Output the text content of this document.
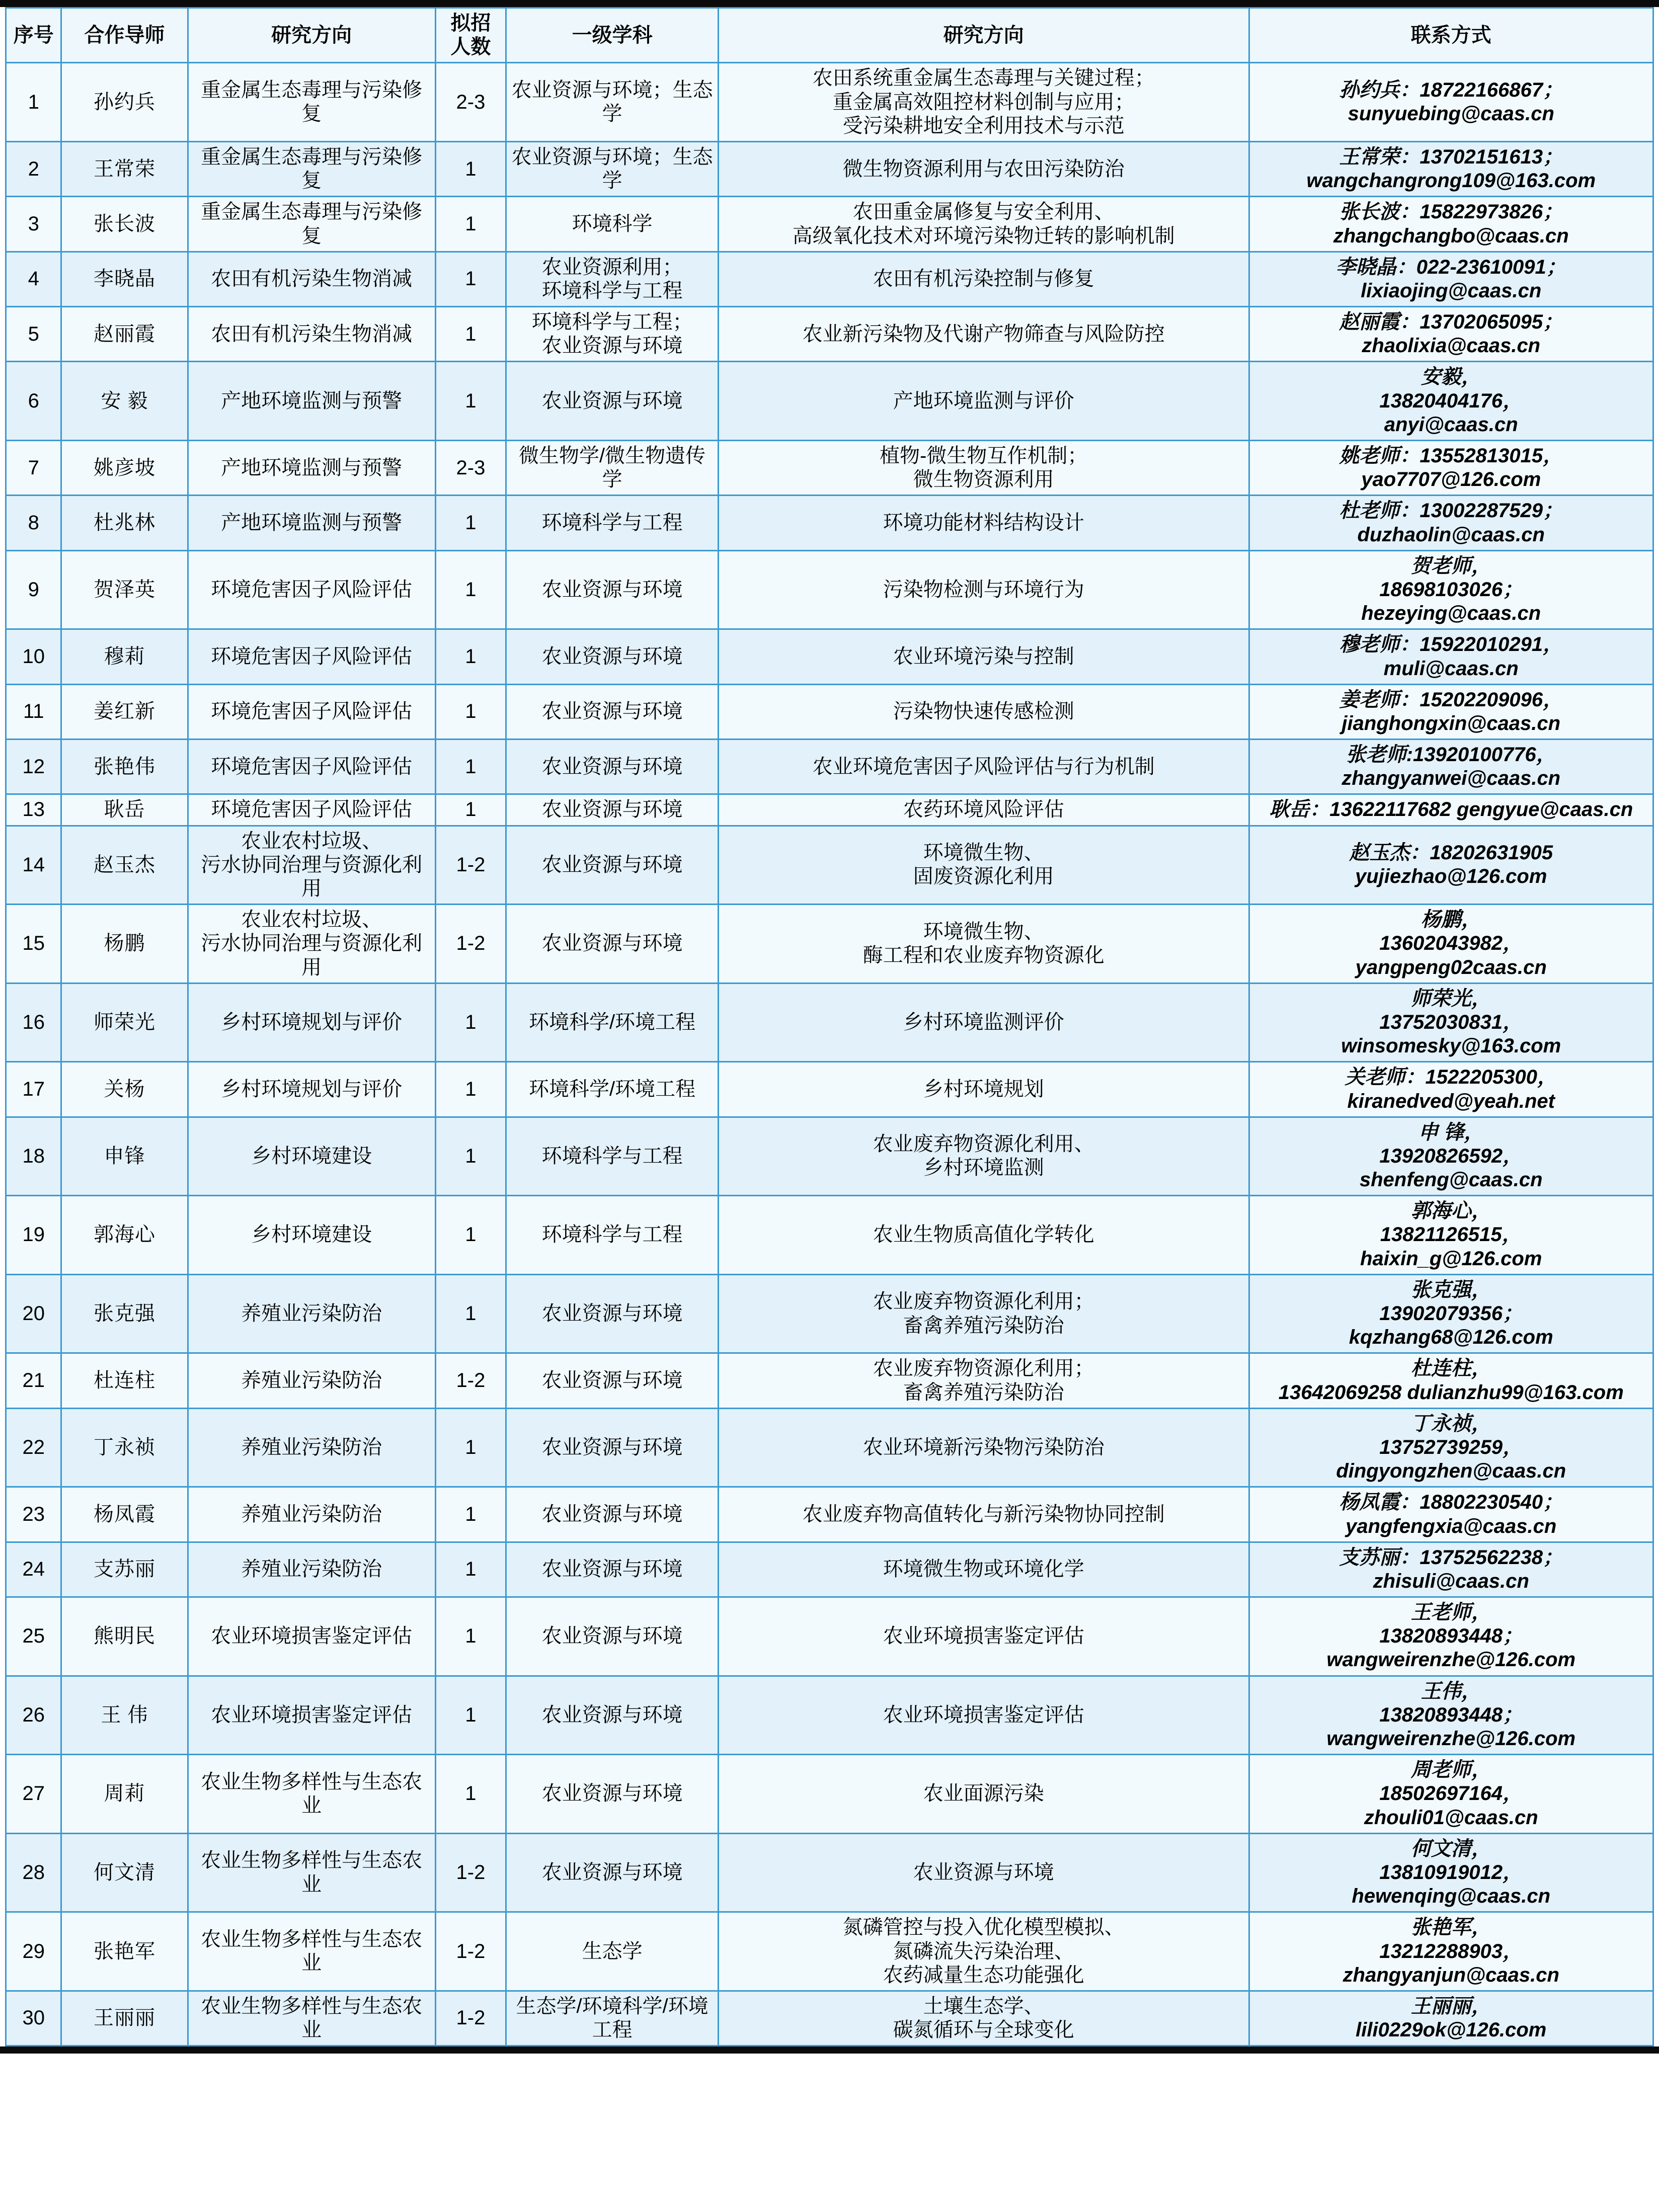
序号	合作导师	研究方向	拟招
人数	一级学科	研究方向	联系方式
1	孙约兵	重金属生态毒理与污染修复	2-3	农业资源与环境；生态学	农田系统重金属生态毒理与关键过程；
重金属高效阻控材料创制与应用；
受污染耕地安全利用技术与示范	孙约兵：18722166867；
sunyuebing@caas.cn

2	王常荣	重金属生态毒理与污染修复	1	农业资源与环境；生态学	微生物资源利用与农田污染防治	王常荣：13702151613；
wangchangrong109@163.com

3	张长波	重金属生态毒理与污染修复	1	环境科学	农田重金属修复与安全利用、
高级氧化技术对环境污染物迁转的影响机制	张长波：15822973826；
zhangchangbo@caas.cn

4	李晓晶	农田有机污染生物消减	1	农业资源利用；
环境科学与工程	农田有机污染控制与修复	李晓晶：022-23610091；
lixiaojing@caas.cn

5	赵丽霞	农田有机污染生物消减	1	环境科学与工程；
农业资源与环境	农业新污染物及代谢产物筛查与风险防控	赵丽霞：13702065095；
zhaolixia@caas.cn

6	安 毅	产地环境监测与预警	1	农业资源与环境	产地环境监测与评价	安毅，
13820404176，
anyi@caas.cn

7	姚彦坡	产地环境监测与预警	2-3	微生物学/微生物遗传学	植物-微生物互作机制；
微生物资源利用	姚老师：13552813015，
yao7707@126.com

8	杜兆林	产地环境监测与预警	1	环境科学与工程	环境功能材料结构设计	杜老师：13002287529；
duzhaolin@caas.cn

9	贺泽英	环境危害因子风险评估	1	农业资源与环境	污染物检测与环境行为	贺老师，
18698103026；
hezeying@caas.cn

10	穆莉	环境危害因子风险评估	1	农业资源与环境	农业环境污染与控制	穆老师：15922010291，
muli@caas.cn

11	姜红新	环境危害因子风险评估	1	农业资源与环境	污染物快速传感检测	姜老师：15202209096，
jianghongxin@caas.cn

12	张艳伟	环境危害因子风险评估	1	农业资源与环境	农业环境危害因子风险评估与行为机制	张老师:13920100776，
zhangyanwei@caas.cn

13	耿岳	环境危害因子风险评估	1	农业资源与环境	农药环境风险评估	耿岳：13622117682 gengyue@caas.cn
14	赵玉杰	农业农村垃圾、
污水协同治理与资源化利用	1-2	农业资源与环境	环境微生物、
固废资源化利用	赵玉杰：18202631905 yujiezhao@126.com
15	杨鹏	农业农村垃圾、
污水协同治理与资源化利用	1-2	农业资源与环境	环境微生物、
酶工程和农业废弃物资源化	杨鹏，
13602043982，
yangpeng02caas.cn

16	师荣光	乡村环境规划与评价	1	环境科学/环境工程	乡村环境监测评价	师荣光，
13752030831，
winsomesky@163.com

17	关杨	乡村环境规划与评价	1	环境科学/环境工程	乡村环境规划	关老师：1522205300，
kiranedved@yeah.net

18	申锋	乡村环境建设	1	环境科学与工程	农业废弃物资源化利用、
乡村环境监测	申 锋，
13920826592，
shenfeng@caas.cn

19	郭海心	乡村环境建设	1	环境科学与工程	农业生物质高值化学转化	郭海心，
13821126515，
haixin_g@126.com

20	张克强	养殖业污染防治	1	农业资源与环境	农业废弃物资源化利用；
畜禽养殖污染防治	张克强，
13902079356；
kqzhang68@126.com

21	杜连柱	养殖业污染防治	1-2	农业资源与环境	农业废弃物资源化利用；
畜禽养殖污染防治	杜连柱，
13642069258 dulianzhu99@163.com

22	丁永祯	养殖业污染防治	1	农业资源与环境	农业环境新污染物污染防治	丁永祯，
13752739259，
dingyongzhen@caas.cn

23	杨凤霞	养殖业污染防治	1	农业资源与环境	农业废弃物高值转化与新污染物协同控制	杨凤霞：18802230540；
yangfengxia@caas.cn

24	支苏丽	养殖业污染防治	1	农业资源与环境	环境微生物或环境化学	支苏丽：13752562238；
zhisuli@caas.cn

25	熊明民	农业环境损害鉴定评估	1	农业资源与环境	农业环境损害鉴定评估	王老师，
13820893448；
wangweirenzhe@126.com

26	王 伟	农业环境损害鉴定评估	1	农业资源与环境	农业环境损害鉴定评估	王伟，
13820893448；
wangweirenzhe@126.com

27	周莉	农业生物多样性与生态农业	1	农业资源与环境	农业面源污染	周老师，
18502697164，
zhouli01@caas.cn

28	何文清	农业生物多样性与生态农业	1-2	农业资源与环境	农业资源与环境	何文清，
13810919012，
hewenqing@caas.cn

29	张艳军	农业生物多样性与生态农业	1-2	生态学	氮磷管控与投入优化模型模拟、
氮磷流失污染治理、
农药减量生态功能强化	张艳军，
13212288903，
zhangyanjun@caas.cn

30	王丽丽	农业生物多样性与生态农业	1-2	生态学/环境科学/环境工程	土壤生态学、
碳氮循环与全球变化	王丽丽，
lili0229ok@126.com
